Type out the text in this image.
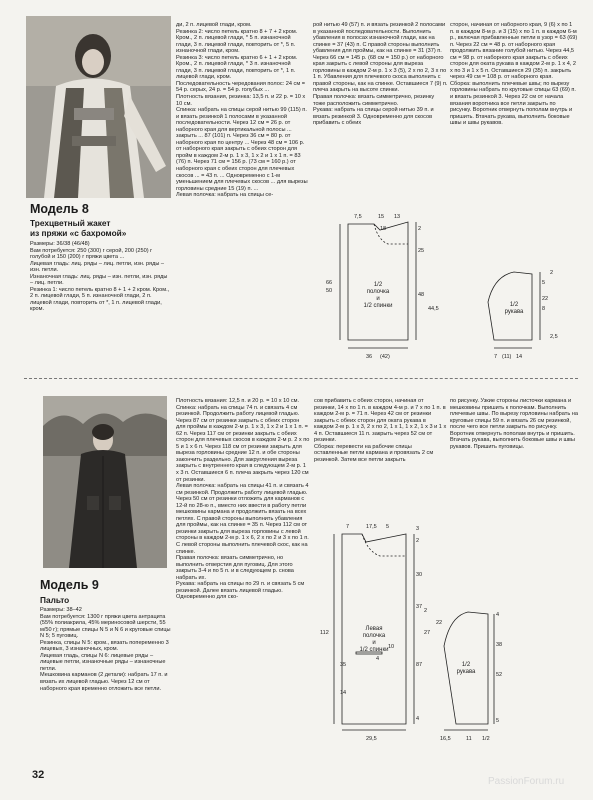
Модель 8
Трехцветный жакет
из пряжи «с бахромой»
Размеры: 36/38 (46/48)
Вам потребуется: 250 (300) г серой, 200 (250) г голубой и 150 (200) г пряжи цвета ...
Лицевая гладь: лиц. ряды – лиц. петли, изн. ряды – изн. петли.
Изнаночная гладь: лиц. ряды – изн. петли, изн. ряды – лиц. петли.
Резинка 1: число петель кратно 8 + 1 + 2 кром. Кром., 2 п. лицевой глади, 5 п. изнаночной глади, 2 п. лицевой глади, повторить от *, 1 п. лицевой глади, кром.
ди, 2 п. лицевой глади, кром.
Резинка 2: число петель кратно 8 + 7 + 2 кром. Кром., 2 п. лицевой глади, * 5 п. изнаночной глади, 3 п. лицевой глади, повторить от *, 5 п. изнаночной глади, кром.
Резинка 3: число петель кратно 6 + 1 + 2 кром. Кром., 2 п. лицевой глади, * 3 п. изнаночной глади, 3 п. лицевой глади, повторить от *, 1 п. лицевой глади, кром.
Последовательность чередования полос: 24 см = 54 р. серых, 24 р. = 54 р. голубых ...
Плотность вязания, резинка: 13,5 п. и 22 р. = 10 х 10 см.
Спинка: набрать на спицы серой нитью 99 (115) п. и вязать резинкой 1 полосами в указанной последовательности. Через 12 см = 26 р. от наборного края для вертикальной полосы ... закрыть ... 87 (101) п. Через 36 см = 80 р. от наборного края по центру ... Через 48 см = 106 р. от наборного края закрыть с обеих сторон для пройм в каждом 2-м р. 1 х 3, 1 х 2 и 1 х 1 п. = 83 (76) п. Через 71 см = 156 р. (73 см = 160 р.) от наборного края с обеих сторон для плечевых скосов ... = 43 п. ... Одновременно с 1-м уменьшением для плечевых скосов ... для вырезы горловины средние 15 (19) п. ...
Левая полочка: набрать на спицы се-
рой нитью 49 (57) п. и вязать резинкой 2 полосами в указанной последовательности. Выполнить убавления в полосах изнаночной глади, как на спинке = 37 (43) п. С правой стороны выполнить убавления для проймы, как на спинке = 31 (37) п. Через 66 см = 145 р. (68 см = 150 р.) от наборного края закрыть с левой стороны для выреза горловины в каждом 2-м р. 1 х 3 (5), 2 х по 2, 3 х по 1 п. Убавления для плечевого скоса выполнить с правой стороны, как на спинке. Оставшиеся 7 (9) п. плеча закрыть на высоте спинки.
Правая полочка: вязать симметрично, резинку тоже расположить симметрично.
Рукава: набрать на спицы серой нитью 39 п. и вязать резинкой 3. Одновременно для скосов прибавить с обеих
сторон, начиная от наборного края, 9 (6) х по 1 п. в каждом 8-м р. и 3 (15) х по 1 п. в каждом 6-м р., включая прибавленные петли в узор = 63 (69) п. Через 22 см = 48 р. от наборного края продолжить вязание голубой нитью. Через 44,5 см = 98 р. от наборного края закрыть с обеих сторон для окатa рукава в каждом 2-м р. 1 х 4, 2 х по 3 и 1 х 5 п. Оставшиеся 29 (35) п. закрыть через 49 см = 108 р. от наборного края.
Сборка: выполнить плечевые швы; по вырезу горловины набрать по круговые спицы 63 (69) п. и вязать резинкой 3. Через 22 см от начала вязания воротника все петли закрыть по рисунку. Воротник отвернуть пополам внутрь и пришить. Втачать рукава, выполнить боковые швы и швы рукавов.
1/2 полочка и 1/2 спинки	1/2 рукава
7,5	15 13
18	2
25
66
50
48
44,5
36 (42)
5
8
7 (11) 14
22
2
2,5
Модель 9
Пальто
Размеры: 38–42
Вам потребуется: 1300 г пряжи цвета антрацита (55% полиакрила, 45% мериносовой шерсти, 55 м/50 г); прямые спицы N 5 и N 6 и круговые спицы N 5; 5 пуговиц.
Резинка, спицы N 5: кром., вязать попеременно 3 лицевых, 3 изнаночных, кром.
Лицевая гладь, спицы N 6: лицевые ряды – лицевые петли, изнаночные ряды – изнаночные петли.
Мешковина карманов (2 детали): набрать 17 п. и вязать их лицевой гладью. Через 12 см от наборного края временно отложить все петли.
Плотность вязания: 12,5 п. и 20 р. = 10 х 10 см.
Спинка: набрать на спицы 74 п. и связать 4 см резинкой. Продолжить работу лицевой гладью. Через 87 см от резинки закрыть с обеих сторон для проймы в каждом 2-м р. 1 х 3, 1 х 2 и 1 х 1 п. = 62 п. Через 117 см от резинки закрыть с обеих сторон для плечевых скосов в каждом 2-м р. 2 х по 5 и 1 х 6 п. Через 118 см от резинки закрыть для выреза горловины средние 12 п. и обе стороны закончить раздельно. Для закругления выреза закрыть с внутреннего края в следующем 2-м р. 1 х 3 п. Оставшиеся 6 п. плеча закрыть через 120 см от резинки.
Левая полочка: набрать на спицы 41 п. и связать 4 см резинкой. Продолжить работу лицевой гладью. Через 50 см от резинки отложить для карманов с 12-й по 28-ю п., вместо них ввести в работу петли мешковины кармана и продолжить вязать на всех петлях. С правой стороны выполнить убавления для проймы, как на спинке = 35 п. Через 112 см от резинки закрыть для выреза горловины с левой стороны в каждом 2-м р. 1 х 6, 2 х по 2 и 3 х по 1 п. С левой стороны выполнить плечевой скос, как на спинке.
Правая полочка: вязать симметрично, но выполнить отверстия для пуговиц. Для этого закрыть 3-4 и по 5 п. и в следующем р. снова набрать их.
Рукава: набрать на спицы по 29 п. и связать 5 см резинкой. Далее вязать лицевой гладью. Одновременно для ско-
сов прибавить с обеих сторон, начиная от резинки, 14 х по 1 п. в каждом 4-м р. и 7 х по 1 п. в каждом 2-м р. = 71 п. Через 42 см от резинки закрыть с обеих сторон для окатa рукава в каждом 2-м р. 1 х 3, 2 х по 2, 1 х 1, 1 х 2, 1 х 3 и 1 х 4 п. Оставшиеся 11 п. закрыть через 52 см от резинки.
Сборка: перевести на рабочие спицы оставленные петли кармана и провязать 2 см резинкой. Затем все петли закрыть
по рисунку. Узкие стороны листочки кармана и мешковины пришить к полочкам. Выполнить плечевые швы. По вырезу горловины набрать на круговые спицы 59 п. и вязать 26 см резинкой, после чего все петли закрыть по рисунку. Воротник отвернуть пополам внутрь и пришить. Втачать рукава, выполнить боковые швы и швы рукавов. Пришить пуговицы.
Левая полочка и 1/2 спинки
1/2 рукава
7	17,5 5	3
2
30
37
87
112
29,5
14
16,5	11 1/2
4
35
38
52
22
4
5
27
2
4
10
32
PassionForum.ru
